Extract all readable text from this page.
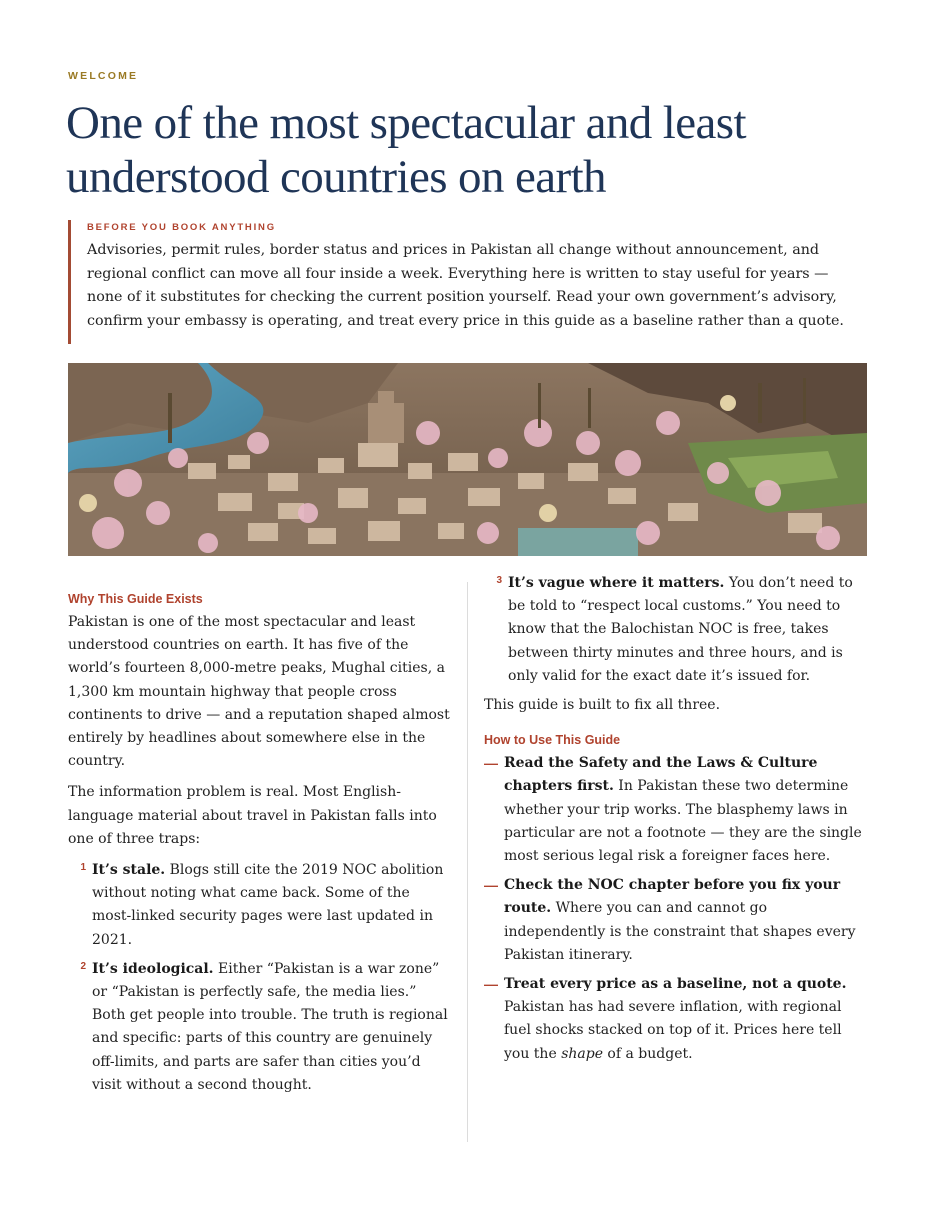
WELCOME
One of the most spectacular and least understood countries on earth
BEFORE YOU BOOK ANYTHING

Advisories, permit rules, border status and prices in Pakistan all change without announcement, and regional conflict can move all four inside a week. Everything here is written to stay useful for years — none of it substitutes for checking the current position yourself. Read your own government’s advisory, confirm your embassy is operating, and treat every price in this guide as a baseline rather than a quote.

Why This Guide Exists

Pakistan is one of the most spectacular and least understood countries on earth. It has five of the world’s fourteen 8,000-metre peaks, Mughal cities, a 1,300 km mountain highway that people cross continents to drive — and a reputation shaped almost entirely by headlines about somewhere else in the country.

The information problem is real. Most English-language material about travel in Pakistan falls into one of three traps:

1 It’s stale. Blogs still cite the 2019 NOC abolition without noting what came back. Some of the most-linked security pages were last updated in 2021.
2 It’s ideological. Either “Pakistan is a war zone” or “Pakistan is perfectly safe, the media lies.” Both get people into trouble. The truth is regional and specific: parts of this country are genuinely off-limits, and parts are safer than cities you’d visit without a second thought.
3 It’s vague where it matters. You don’t need to be told to “respect local customs.” You need to know that the Balochistan NOC is free, takes between thirty minutes and three hours, and is only valid for the exact date it’s issued for.

This guide is built to fix all three.

How to Use This Guide
— Read the Safety and the Laws & Culture chapters first. In Pakistan these two determine whether your trip works. The blasphemy laws in particular are not a footnote — they are the single most serious legal risk a foreigner faces here.
— Check the NOC chapter before you fix your route. Where you can and cannot go independently is the constraint that shapes every Pakistan itinerary.
— Treat every price as a baseline, not a quote. Pakistan has had severe inflation, with regional fuel shocks stacked on top of it. Prices here tell you the shape of a budget.
